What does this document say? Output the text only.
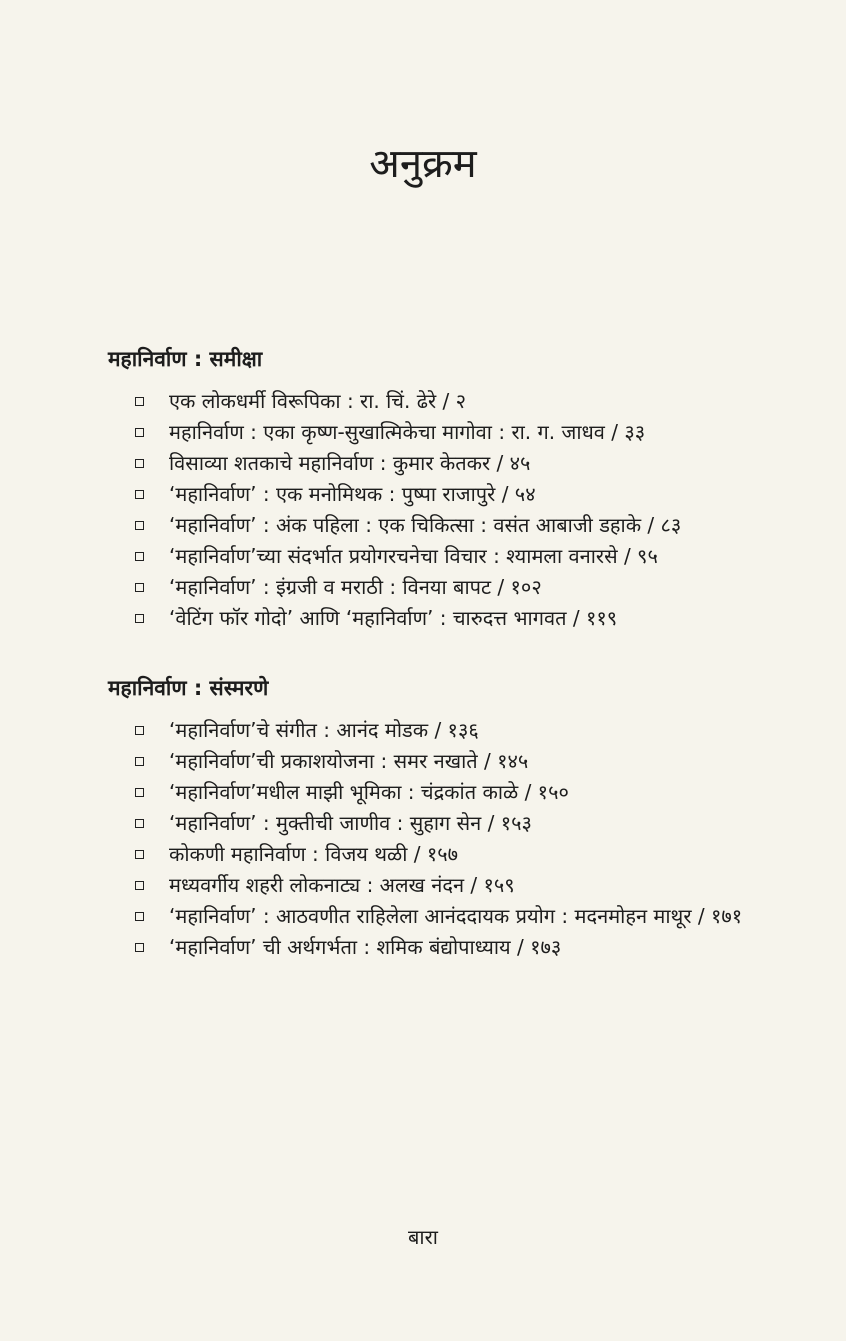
अनुक्रम
महानिर्वाण : समीक्षा
एक लोकधर्मी विरूपिका : रा. चिं. ढेरे / २
महानिर्वाण : एका कृष्ण-सुखात्मिकेचा मागोवा : रा. ग. जाधव / ३३
विसाव्या शतकाचे महानिर्वाण : कुमार केतकर / ४५
‘महानिर्वाण’ : एक मनोमिथक : पुष्पा राजापुरे / ५४
‘महानिर्वाण’ : अंक पहिला : एक चिकित्सा : वसंत आबाजी डहाके / ८३
‘महानिर्वाण’च्या संदर्भात प्रयोगरचनेचा विचार : श्यामला वनारसे / ९५
‘महानिर्वाण’ : इंग्रजी व मराठी : विनया बापट / १०२
‘वेटिंग फॉर गोदो’ आणि ‘महानिर्वाण’ : चारुदत्त भागवत / ११९
महानिर्वाण : संस्मरणे
‘महानिर्वाण’चे संगीत : आनंद मोडक / १३६
‘महानिर्वाण’ची प्रकाशयोजना : समर नखाते / १४५
‘महानिर्वाण’मधील माझी भूमिका : चंद्रकांत काळे / १५०
‘महानिर्वाण’ : मुक्तीची जाणीव : सुहाग सेन / १५३
कोकणी महानिर्वाण : विजय थळी / १५७
मध्यवर्गीय शहरी लोकनाट्य : अलख नंदन / १५९
‘महानिर्वाण’ : आठवणीत राहिलेला आनंददायक प्रयोग : मदनमोहन माथूर / १७१
‘महानिर्वाण’ ची अर्थगर्भता : शमिक बंद्योपाध्याय / १७३
बारा
